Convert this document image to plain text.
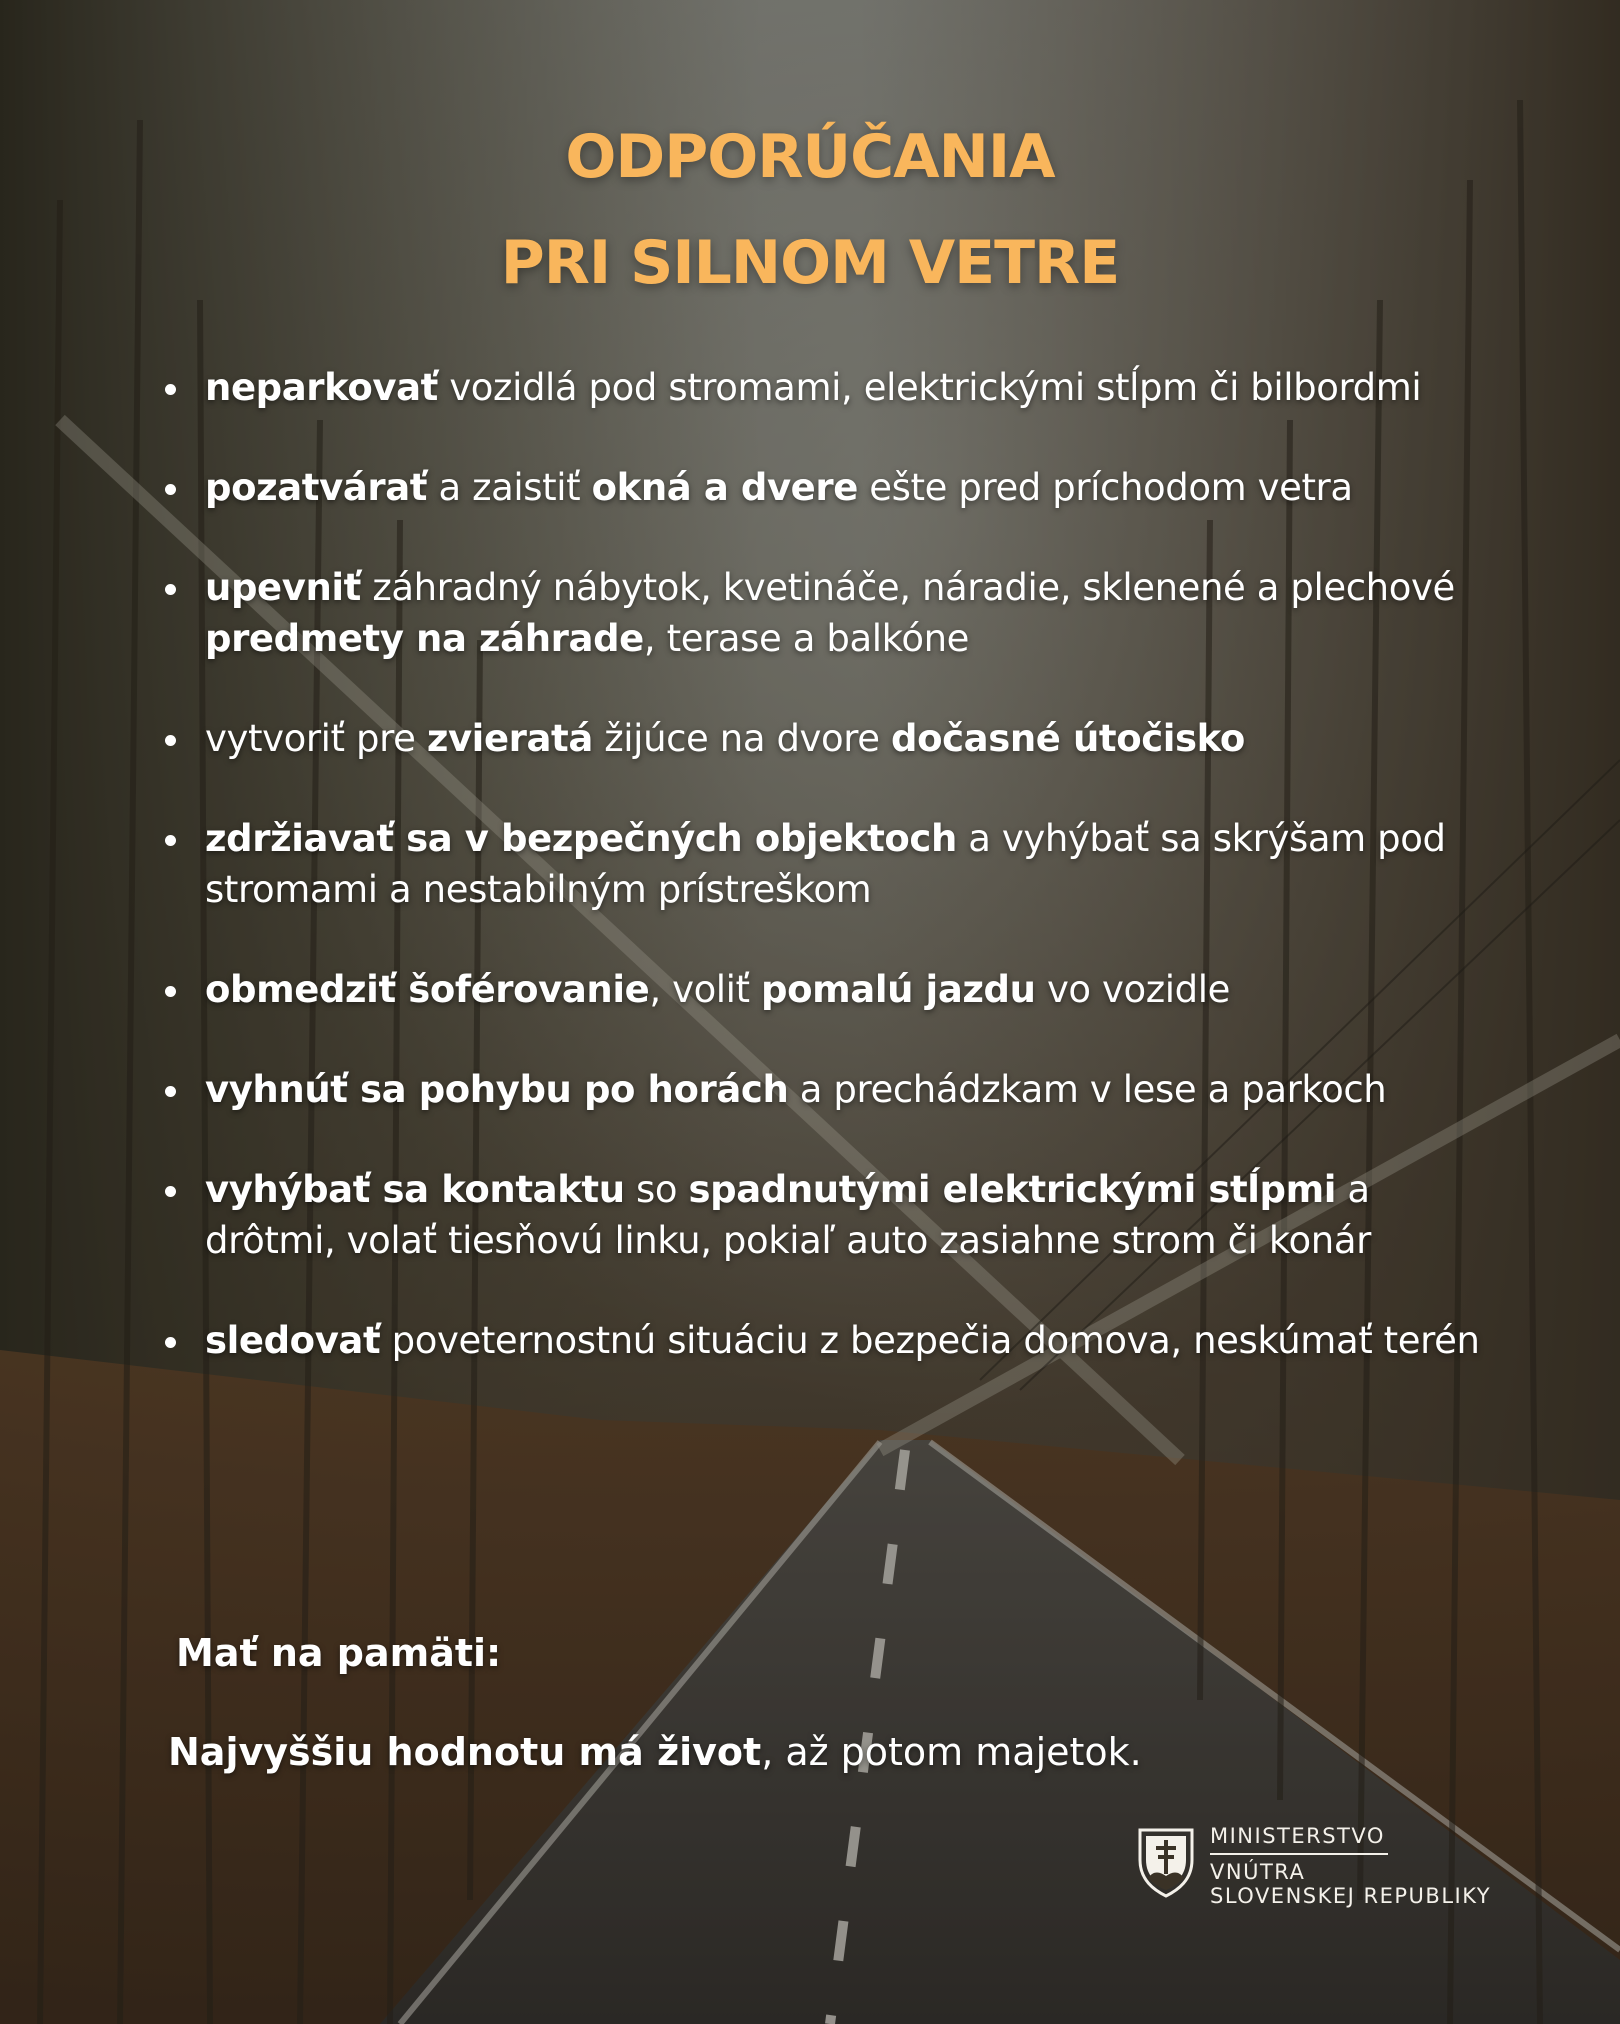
ODPORÚČANIA
PRI SILNOM VETRE
neparkovať vozidlá pod stromami, elektrickými stĺpm či bilbordmi
pozatvárať a zaistiť okná a dvere ešte pred príchodom vetra
upevniť záhradný nábytok, kvetináče, náradie, sklenené a plechové predmety na záhrade, terase a balkóne
vytvoriť pre zvieratá žijúce na dvore dočasné útočisko
zdržiavať sa v bezpečných objektoch a vyhýbať sa skrýšam pod stromami a nestabilným prístreškom
obmedziť šoférovanie, voliť pomalú jazdu vo vozidle
vyhnúť sa pohybu po horách a prechádzkam v lese a parkoch
vyhýbať sa kontaktu so spadnutými elektrickými stĺpmi a drôtmi, volať tiesňovú linku, pokiaľ auto zasiahne strom či konár
sledovať poveternostnú situáciu z bezpečia domova, neskúmať terén
Mať na pamäti:
Najvyššiu hodnotu má život, až potom majetok.
MINISTERSTVO
VNÚTRA
SLOVENSKEJ REPUBLIKY
